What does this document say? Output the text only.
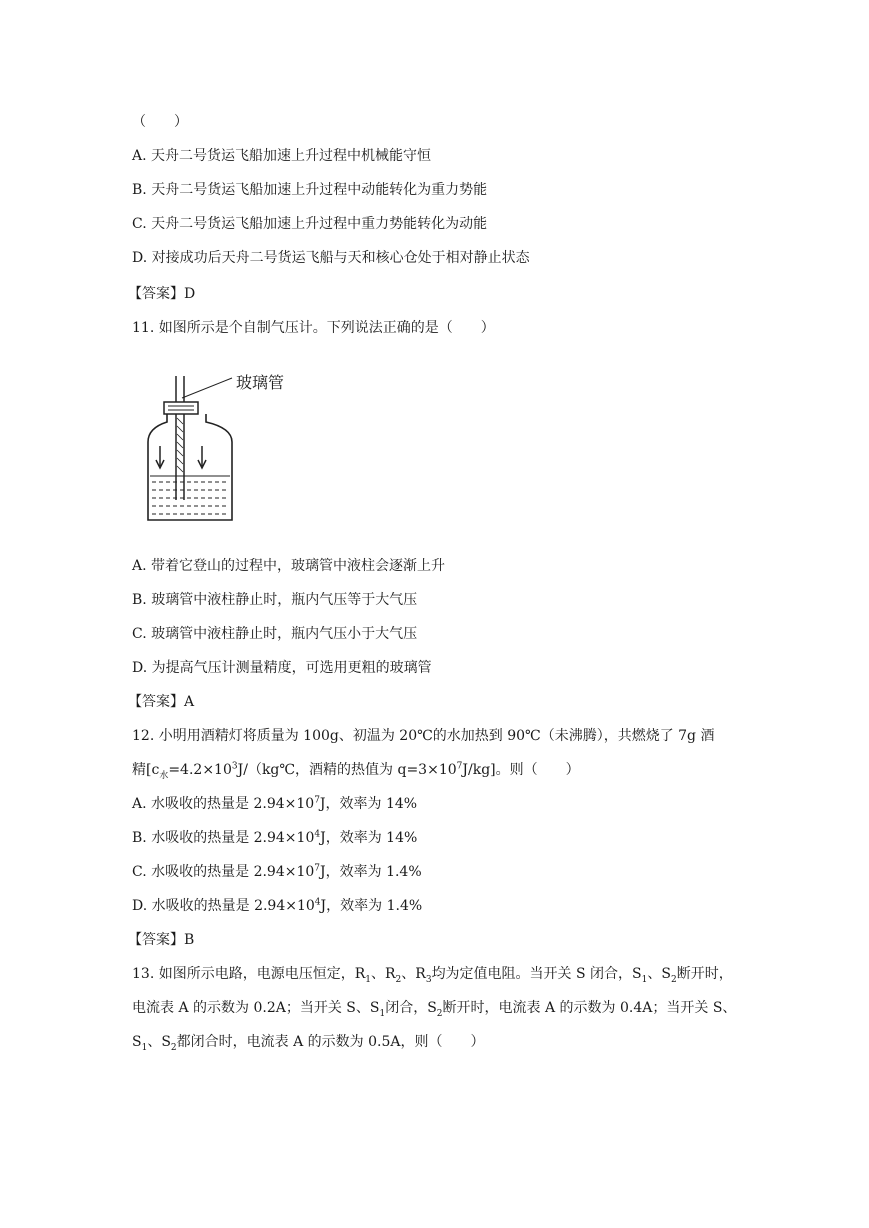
（　　）
A. 天舟二号货运飞船加速上升过程中机械能守恒
B. 天舟二号货运飞船加速上升过程中动能转化为重力势能
C. 天舟二号货运飞船加速上升过程中重力势能转化为动能
D. 对接成功后天舟二号货运飞船与天和核心仓处于相对静止状态
【答案】D
11. 如图所示是个自制气压计。下列说法正确的是（　　）
玻璃管
A. 带着它登山的过程中，玻璃管中液柱会逐渐上升
B. 玻璃管中液柱静止时，瓶内气压等于大气压
C. 玻璃管中液柱静止时，瓶内气压小于大气压
D. 为提高气压计测量精度，可选用更粗的玻璃管
【答案】A
12. 小明用酒精灯将质量为 100g、初温为 20℃的水加热到 90℃（未沸腾），共燃烧了 7g 酒
精[$c_水=4.2\times 10^3J/(kg℃$，酒精的热值为 $q=3\times 10^7J/kg$]。则（　　）
A. 水吸收的热量是 $2.94\times 10^7J$，效率为 14%
B. 水吸收的热量是 $2.94\times 10^4J$，效率为 14%
C. 水吸收的热量是 $2.94\times 10^7J$，效率为 1.4%
D. 水吸收的热量是 $2.94\times 10^4J$，效率为 1.4%
【答案】B
13. 如图所示电路，电源电压恒定，$R_1$、$R_2$、$R_3$均为定值电阻。当开关 S 闭合，$S_1$、$S_2$断开时，
电流表 A 的示数为 0.2A；当开关 S、$S_1$闭合，$S_2$断开时，电流表 A 的示数为 0.4A；当开关 S、
$S_1$、$S_2$都闭合时，电流表 A 的示数为 0.5A，则（　　）
